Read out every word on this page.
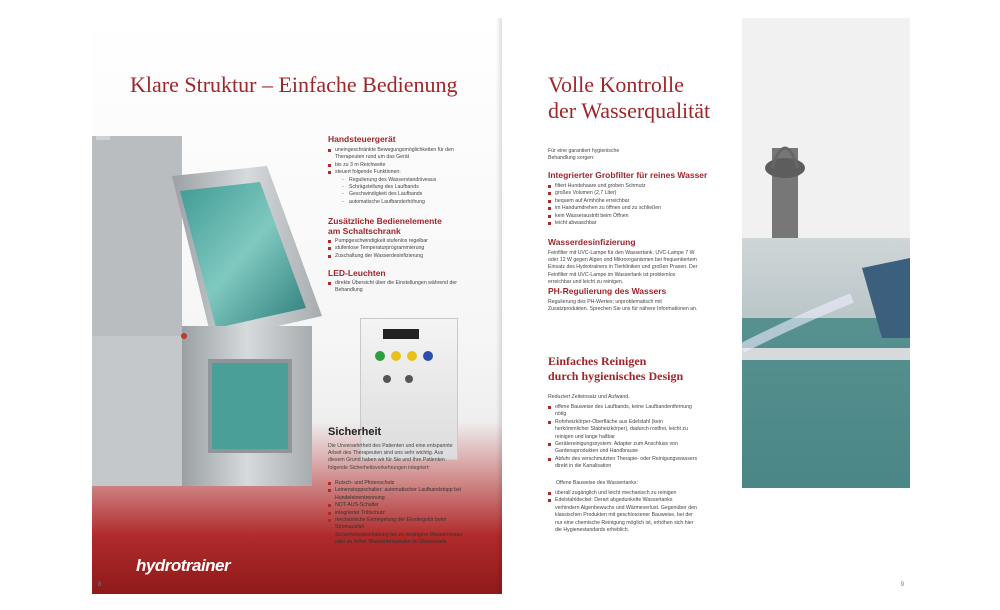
Klare Struktur – Einfache Bedienung
Handsteuergerät
uneingeschränkte Bewegungsmöglichkeiten für den Therapeuten rund um das Gerät
bis zu 3 m Reichweite
steuert folgende Funktionen:
- Regulierung des Wasserstandniveaus
- Schrägstellung des Laufbands
- Geschwindigkeit des Laufbands
- automatische Laufbanderhöhung
Zusätzliche Bedienelemente
am Schaltschrank
Pumpgeschwindigkeit stufenlos regelbar
stufenlose Temperaturprogrammierung
Zuschaltung der Wasserdesinfizierung
LED-Leuchten
direkte Übersicht über die Einstellungen während der Behandlung
Sicherheit
Die Unversehrtheit des Patienten und eine entspannte Arbeit des Therapeuten sind uns sehr wichtig. Aus diesem Grund haben wir für Sie und Ihre Patienten folgende Sicherheitsvorkehrungen integriert:
Rutsch- und Pfotenschutz
Leinenstoppschalter: automatischer Laufbandstopp bei Hundeleinentrennung
NOT-AUS-Schalter
integrierter Trittschutz
mechanische Entriegelung der Einstiegstür beim Stromausfall
Sicherheitsabschaltung bei zu niedrigem Wasserniveau oder zu hoher Wassertemperatur im Wassertank
hydrotrainer
8
Volle Kontrolle
der Wasserqualität
Für eine garantiert hygienische Behandlung sorgen:
Integrierter Grobfilter für reines Wasser
filtert Hundehaare und groben Schmutz
großes Volumen (2,7 Liter)
bequem auf Armhöhe erreichbar
im Handumdrehen zu öffnen und zu schließen
kein Wasseraustritt beim Öffnen
leicht abwaschbar
Wasserdesinfizierung
Feinfilter mit UVC-Lampe für den Wassertank. UVC-Lampe 7 W oder 12 W gegen Algen und Mikroorganismen bei frequentiertem Einsatz des Hydrotrainers in Tierkliniken und großen Praxen. Der Feinfilter mit UVC-Lampe im Wassertank ist problemlos erreichbar und leicht zu reinigen.
PH-Regulierung des Wassers
Regulierung des PH-Wertes; unproblematisch mit Zusatzprodukten. Sprechen Sie uns für nähere Informationen an.
Einfaches Reinigen
durch hygienisches Design
Reduziert Zeiteinsatz und Aufwand.
offene Bauweise des Laufbands, keine Laufbandentfernung nötig
Rohrheizkörper-Oberfläche aus Edelstahl (kein herkömmlicher Stabheizkörper), dadurch rostfrei, leicht zu reinigen und lange haltbar
Gerätereinigungssystem: Adapter zum Anschluss von Gardenaprodukten und Handbrause
Abfuhr des verschmutzten Therapie- oder Reinigungswassers direkt in die Kanalisation
Offene Bauweise des Wassertanks:
überall zugänglich und leicht mechanisch zu reinigen
Edelstahldeckel: Derart abgedunkelte Wassertanks verhindern Algenbewuchs und Wärmeverlust. Gegenüber den klassischen Produkten mit geschlossener Bauweise, bei der nur eine chemische Reinigung möglich ist, erhöhen sich hier die Hygienestandards erheblich.
9
